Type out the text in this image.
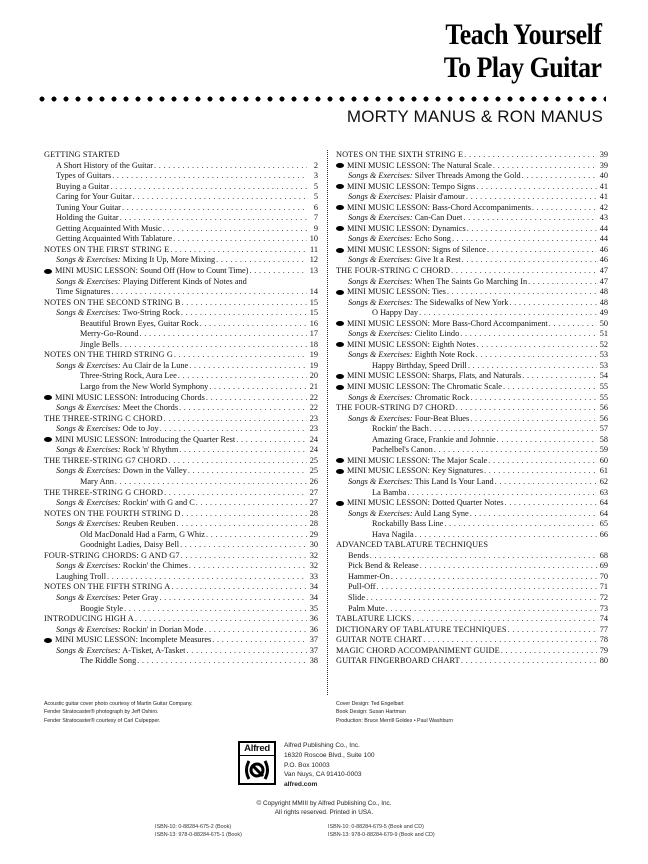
Teach Yourself
To Play Guitar
MORTY MANUS & RON MANUS
GETTING STARTED
A Short History of the Guitar . . .	2
Types of Guitars . . .	3
Buying a Guitar . . .	5
Caring for Your Guitar . . .	5
Tuning Your Guitar . . .	6
Holding the Guitar . . .	7
Getting Acquainted With Music . . .	9
Getting Acquainted With Tablature . . .	10
NOTES ON THE FIRST STRING E . . .	11
Songs & Exercises: Mixing It Up, More Mixing . . .	12
MINI MUSIC LESSON: Sound Off (How to Count Time) . . .	13
Songs & Exercises: Playing Different Kinds of Notes and
Time Signatures . . .	14
NOTES ON THE SECOND STRING B . . .	15
Songs & Exercises: Two-String Rock . . .	15
Beautiful Brown Eyes, Guitar Rock . . .	16
Merry-Go-Round . . .	17
Jingle Bells . . .	18
NOTES ON THE THIRD STRING G . . .	19
Songs & Exercises: Au Clair de la Lune . . .	19
Three-String Rock, Aura Lee . . .	20
Largo from the New World Symphony . . .	21
MINI MUSIC LESSON: Introducing Chords . . .	22
Songs & Exercises: Meet the Chords . . .	22
THE THREE-STRING C CHORD . . .	23
Songs & Exercises: Ode to Joy . . .	23
MINI MUSIC LESSON: Introducing the Quarter Rest . . .	24
Songs & Exercises: Rock 'n' Rhythm . . .	24
THE THREE-STRING G7 CHORD . . .	25
Songs & Exercises: Down in the Valley . . .	25
Mary Ann . . .	26
THE THREE-STRING G CHORD . . .	27
Songs & Exercises: Rockin' with G and C . . .	27
NOTES ON THE FOURTH STRING D . . .	28
Songs & Exercises: Reuben Reuben . . .	28
Old MacDonald Had a Farm, G Whiz . . .	29
Goodnight Ladies, Daisy Bell . . .	30
FOUR-STRING CHORDS: G AND G7 . . .	32
Songs & Exercises: Rockin' the Chimes . . .	32
Laughing Troll . . .	33
NOTES ON THE FIFTH STRING A . . .	34
Songs & Exercises: Peter Gray . . .	34
Boogie Style . . .	35
INTRODUCING HIGH A . . .	36
Songs & Exercises: Rockin' in Dorian Mode . . .	36
MINI MUSIC LESSON: Incomplete Measures . . .	37
Songs & Exercises: A-Tisket, A-Tasket . . .	37
The Riddle Song . . .	38
NOTES ON THE SIXTH STRING E . . .	39
MINI MUSIC LESSON: The Natural Scale . . .	39
Songs & Exercises: Silver Threads Among the Gold . . .	40
MINI MUSIC LESSON: Tempo Signs . . .	41
Songs & Exercises: Plaisir d'amour . . .	41
MINI MUSIC LESSON: Bass-Chord Accompaniments . . .	42
Songs & Exercises: Can-Can Duet . . .	43
MINI MUSIC LESSON: Dynamics . . .	44
Songs & Exercises: Echo Song . . .	44
MINI MUSIC LESSON: Signs of Silence . . .	46
Songs & Exercises: Give It a Rest . . .	46
THE FOUR-STRING C CHORD . . .	47
Songs & Exercises: When The Saints Go Marching In . . .	47
MINI MUSIC LESSON: Ties . . .	48
Songs & Exercises: The Sidewalks of New York . . .	48
O Happy Day . . .	49
MINI MUSIC LESSON: More Bass-Chord Accompaniment . . .	50
Songs & Exercises: Cielito Lindo . . .	51
MINI MUSIC LESSON: Eighth Notes . . .	52
Songs & Exercises: Eighth Note Rock . . .	53
Happy Birthday, Speed Drill . . .	53
MINI MUSIC LESSON: Sharps, Flats, and Naturals . . .	54
MINI MUSIC LESSON: The Chromatic Scale . . .	55
Songs & Exercises: Chromatic Rock . . .	55
THE FOUR-STRING D7 CHORD . . .	56
Songs & Exercises: Four-Beat Blues . . .	56
Rockin' the Bach . . .	57
Amazing Grace, Frankie and Johnnie . . .	58
Pachelbel's Canon . . .	59
MINI MUSIC LESSON: The Major Scale . . .	60
MINI MUSIC LESSON: Key Signatures . . .	61
Songs & Exercises: This Land Is Your Land . . .	62
La Bamba . . .	63
MINI MUSIC LESSON: Dotted Quarter Notes . . .	64
Songs & Exercises: Auld Lang Syne . . .	64
Rockabilly Bass Line . . .	65
Hava Nagila . . .	66
ADVANCED TABLATURE TECHNIQUES
Bends . . .	68
Pick Bend & Release . . .	69
Hammer-On . . .	70
Pull-Off . . .	71
Slide . . .	72
Palm Mute . . .	73
TABLATURE LICKS . . .	74
DICTIONARY OF TABLATURE TECHNIQUES . . .	77
GUITAR NOTE CHART . . .	78
MAGIC CHORD ACCOMPANIMENT GUIDE . . .	79
GUITAR FINGERBOARD CHART . . .	80
Acoustic guitar cover photo courtesy of Martin Guitar Company.
Fender Stratocaster® photograph by Jeff Oshiro.
Fender Stratocaster® courtesy of Carl Culpepper.
Cover Design: Ted Engelbart
Book Design: Susan Hartman
Production: Bruce Merrill Goldes • Paul Washburn
Alfred	Alfred Publishing Co., Inc.
16320 Roscoe Blvd., Suite 100
P.O. Box 10003
Van Nuys, CA 91410-0003
alfred.com
© Copyright MMIII by Alfred Publishing Co., Inc.
All rights reserved. Printed in USA.
ISBN-10: 0-88284-675-2 (Book)
ISBN-13: 978-0-88284-675-1 (Book)
ISBN-10: 0-88284-679-5 (Book and CD)
ISBN-13: 978-0-88284-679-9 (Book and CD)
